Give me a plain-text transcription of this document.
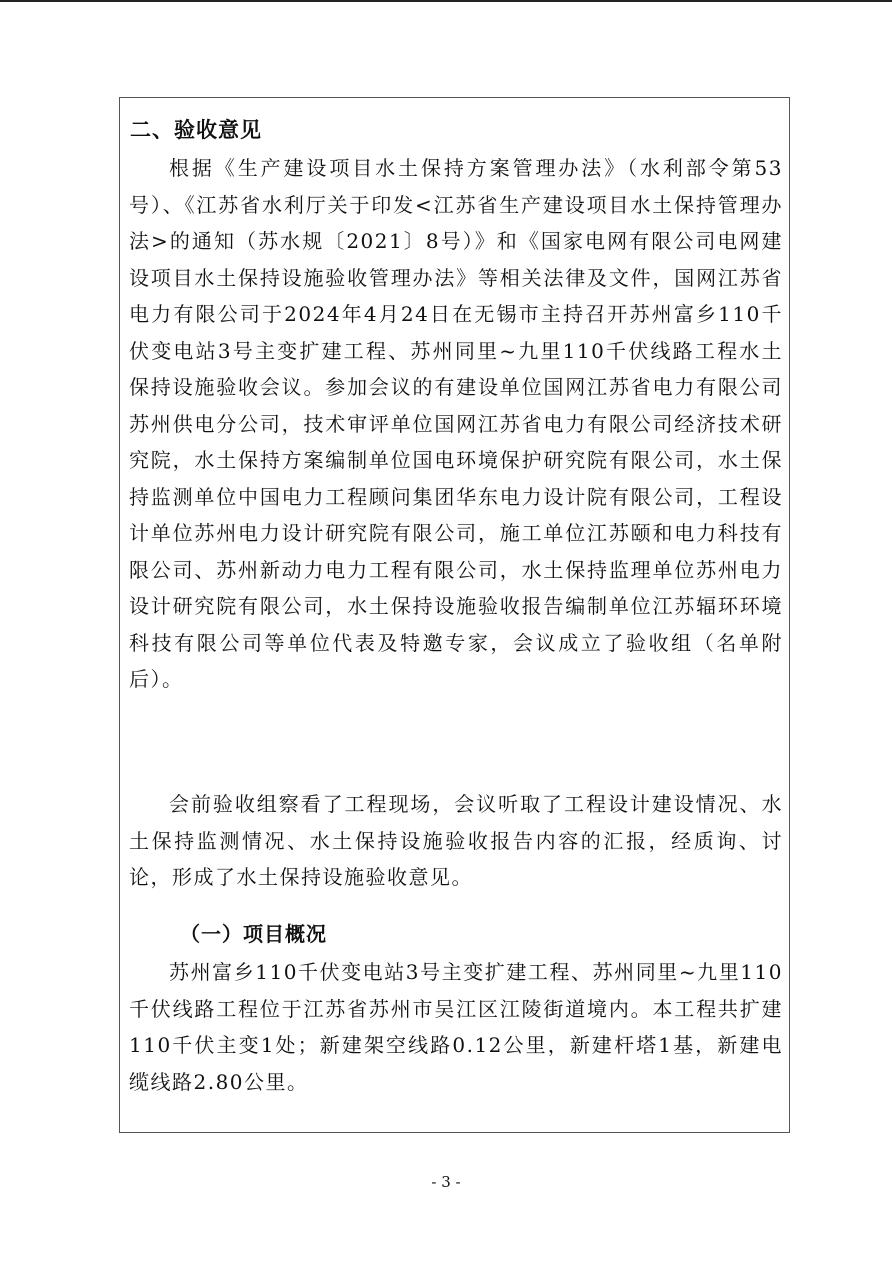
二、验收意见

根据《生产建设项目水土保持方案管理办法》（水利部令第53号）、《江苏省水利厅关于印发<江苏省生产建设项目水土保持管理办法>的通知（苏水规〔2021〕8号）》和《国家电网有限公司电网建设项目水土保持设施验收管理办法》等相关法律及文件，国网江苏省电力有限公司于2024年4月24日在无锡市主持召开苏州富乡110千伏变电站3号主变扩建工程、苏州同里~九里110千伏线路工程水土保持设施验收会议。参加会议的有建设单位国网江苏省电力有限公司苏州供电分公司，技术审评单位国网江苏省电力有限公司经济技术研究院，水土保持方案编制单位国电环境保护研究院有限公司，水土保持监测单位中国电力工程顾问集团华东电力设计院有限公司，工程设计单位苏州电力设计研究院有限公司，施工单位江苏颐和电力科技有限公司、苏州新动力电力工程有限公司，水土保持监理单位苏州电力设计研究院有限公司，水土保持设施验收报告编制单位江苏辐环环境科技有限公司等单位代表及特邀专家，会议成立了验收组（名单附后）。

会前验收组察看了工程现场，会议听取了工程设计建设情况、水土保持监测情况、水土保持设施验收报告内容的汇报，经质询、讨论，形成了水土保持设施验收意见。

（一）项目概况

苏州富乡110千伏变电站3号主变扩建工程、苏州同里~九里110千伏线路工程位于江苏省苏州市吴江区江陵街道境内。本工程共扩建110千伏主变1处；新建架空线路0.12公里，新建杆塔1基，新建电缆线路2.80公里。

- 3 -
